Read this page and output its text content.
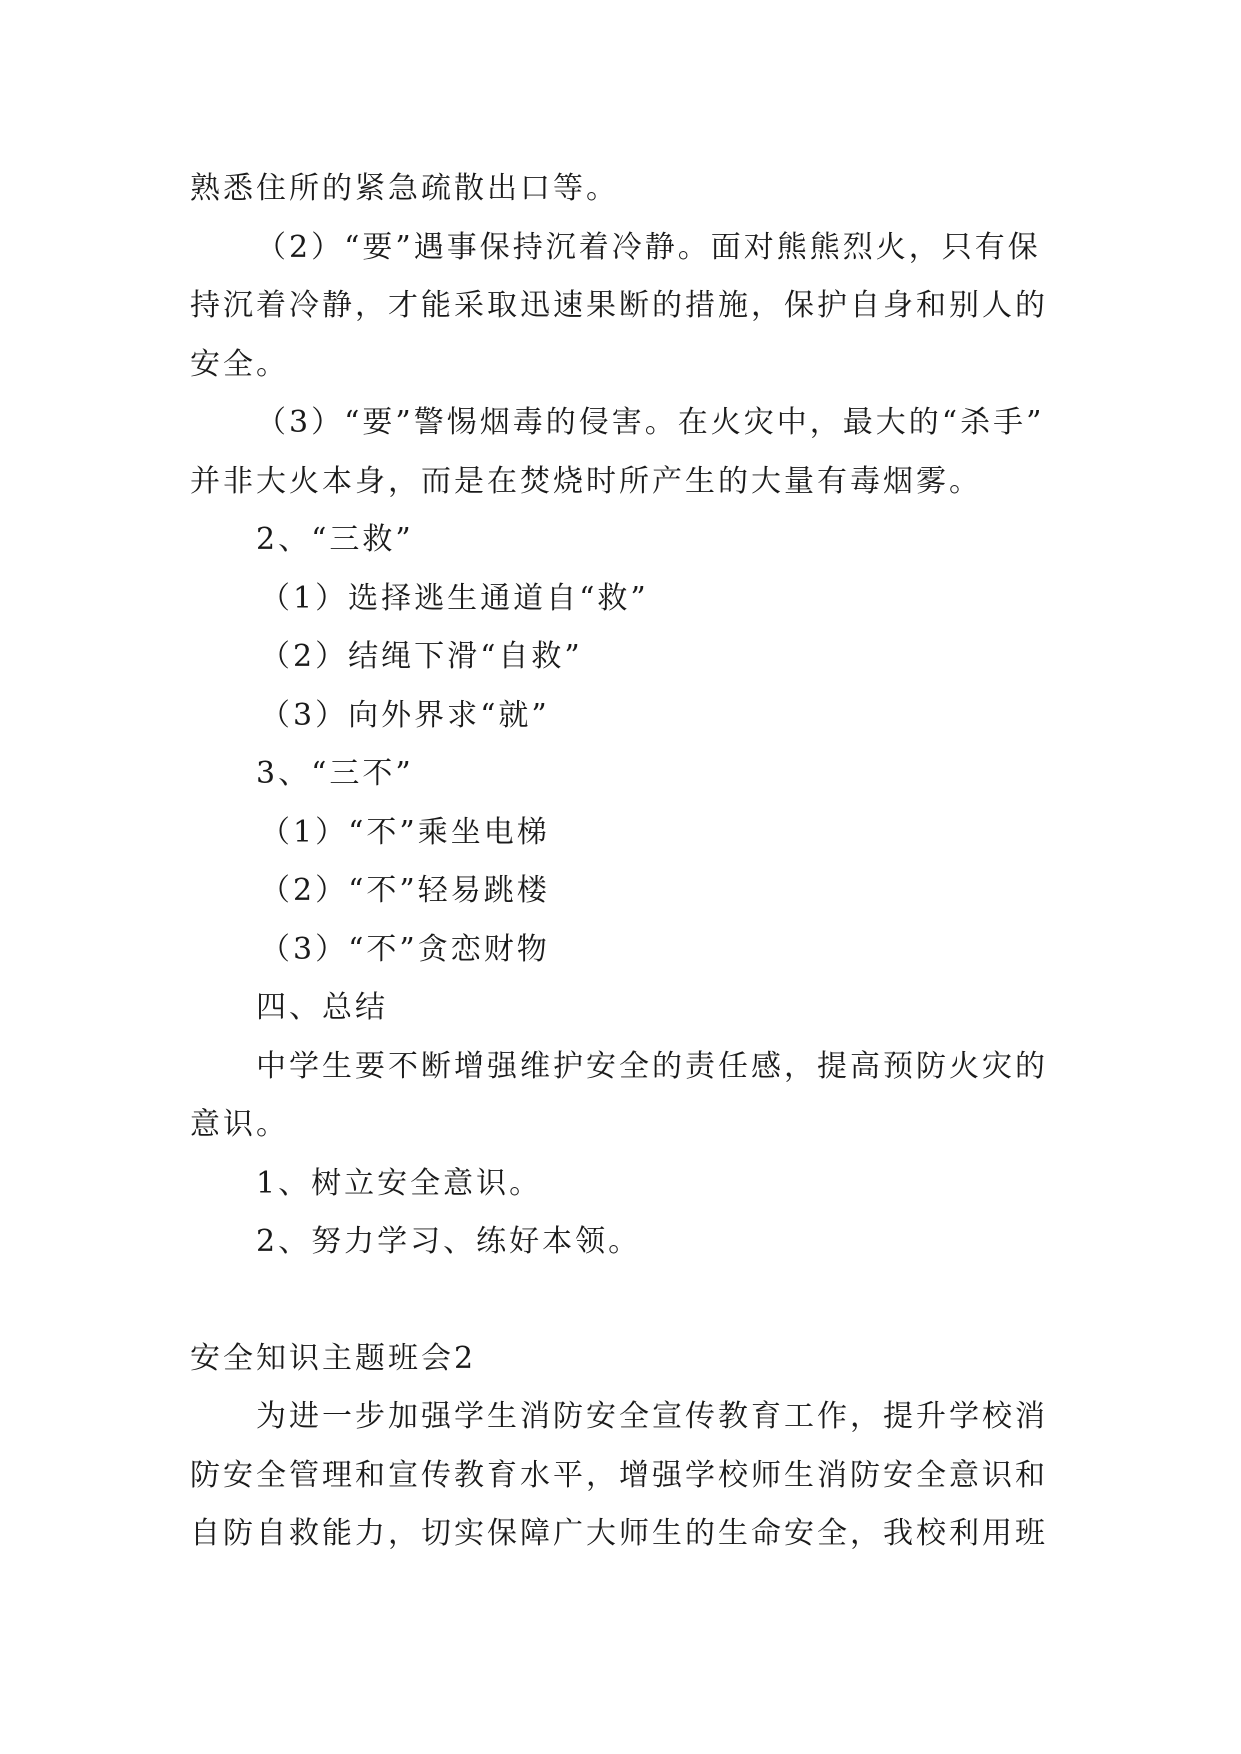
熟悉住所的紧急疏散出口等。

（2）“要”遇事保持沉着冷静。面对熊熊烈火，只有保

持沉着冷静，才能采取迅速果断的措施，保护自身和别人的

安全。

（3）“要”警惕烟毒的侵害。在火灾中，最大的“杀手”

并非大火本身，而是在焚烧时所产生的大量有毒烟雾。

2、“三救”

（1）选择逃生通道自“救”

（2）结绳下滑“自救”

（3）向外界求“就”

3、“三不”

（1）“不”乘坐电梯

（2）“不”轻易跳楼

（3）“不”贪恋财物

四、总结

中学生要不断增强维护安全的责任感，提高预防火灾的

意识。

1、树立安全意识。

2、努力学习、练好本领。

安全知识主题班会2

为进一步加强学生消防安全宣传教育工作，提升学校消

防安全管理和宣传教育水平，增强学校师生消防安全意识和

自防自救能力，切实保障广大师生的生命安全，我校利用班
